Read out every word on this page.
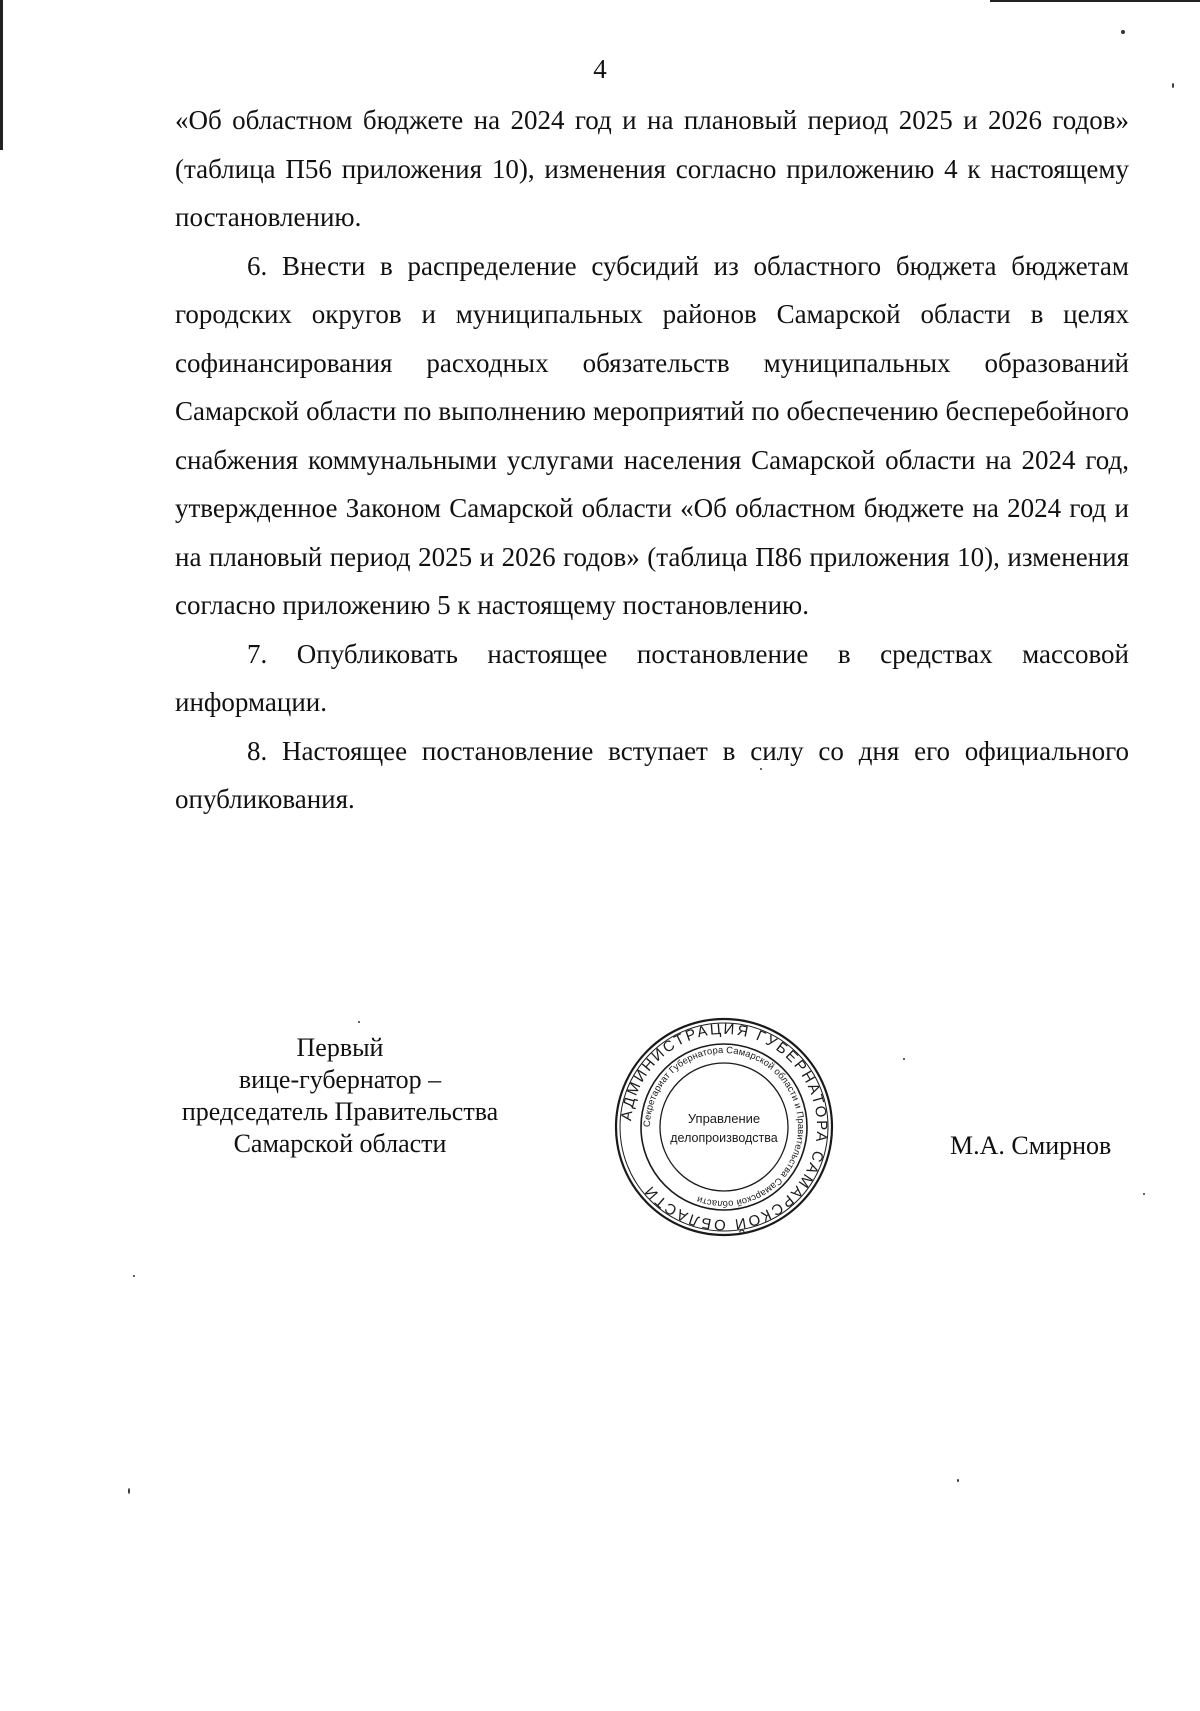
4

«Об областном бюджете на 2024 год и на плановый период 2025 и 2026 годов» (таблица П56 приложения 10), изменения согласно приложению 4 к настоящему постановлению.

6. Внести в распределение субсидий из областного бюджета бюджетам городских округов и муниципальных районов Самарской области в целях софинансирования расходных обязательств муниципальных образований Самарской области по выполнению мероприятий по обеспечению бесперебойного снабжения коммунальными услугами населения Самарской области на 2024 год, утвержденное Законом Самарской области «Об областном бюджете на 2024 год и на плановый период 2025 и 2026 годов» (таблица П86 приложения 10), изменения согласно приложению 5 к настоящему постановлению.

7. Опубликовать настоящее постановление в средствах массовой информации.

8. Настоящее постановление вступает в силу со дня его официального опубликования.

Первый
вице-губернатор –
председатель Правительства
Самарской области
АДМИНИСТРАЦИЯ ГУБЕРНАТОРА САМАРСКОЙ ОБЛАСТИ
Секретариат Губернатора Самарской области и Правительства Самарской области
Управление
делопроизводства	М.А. Смирнов
